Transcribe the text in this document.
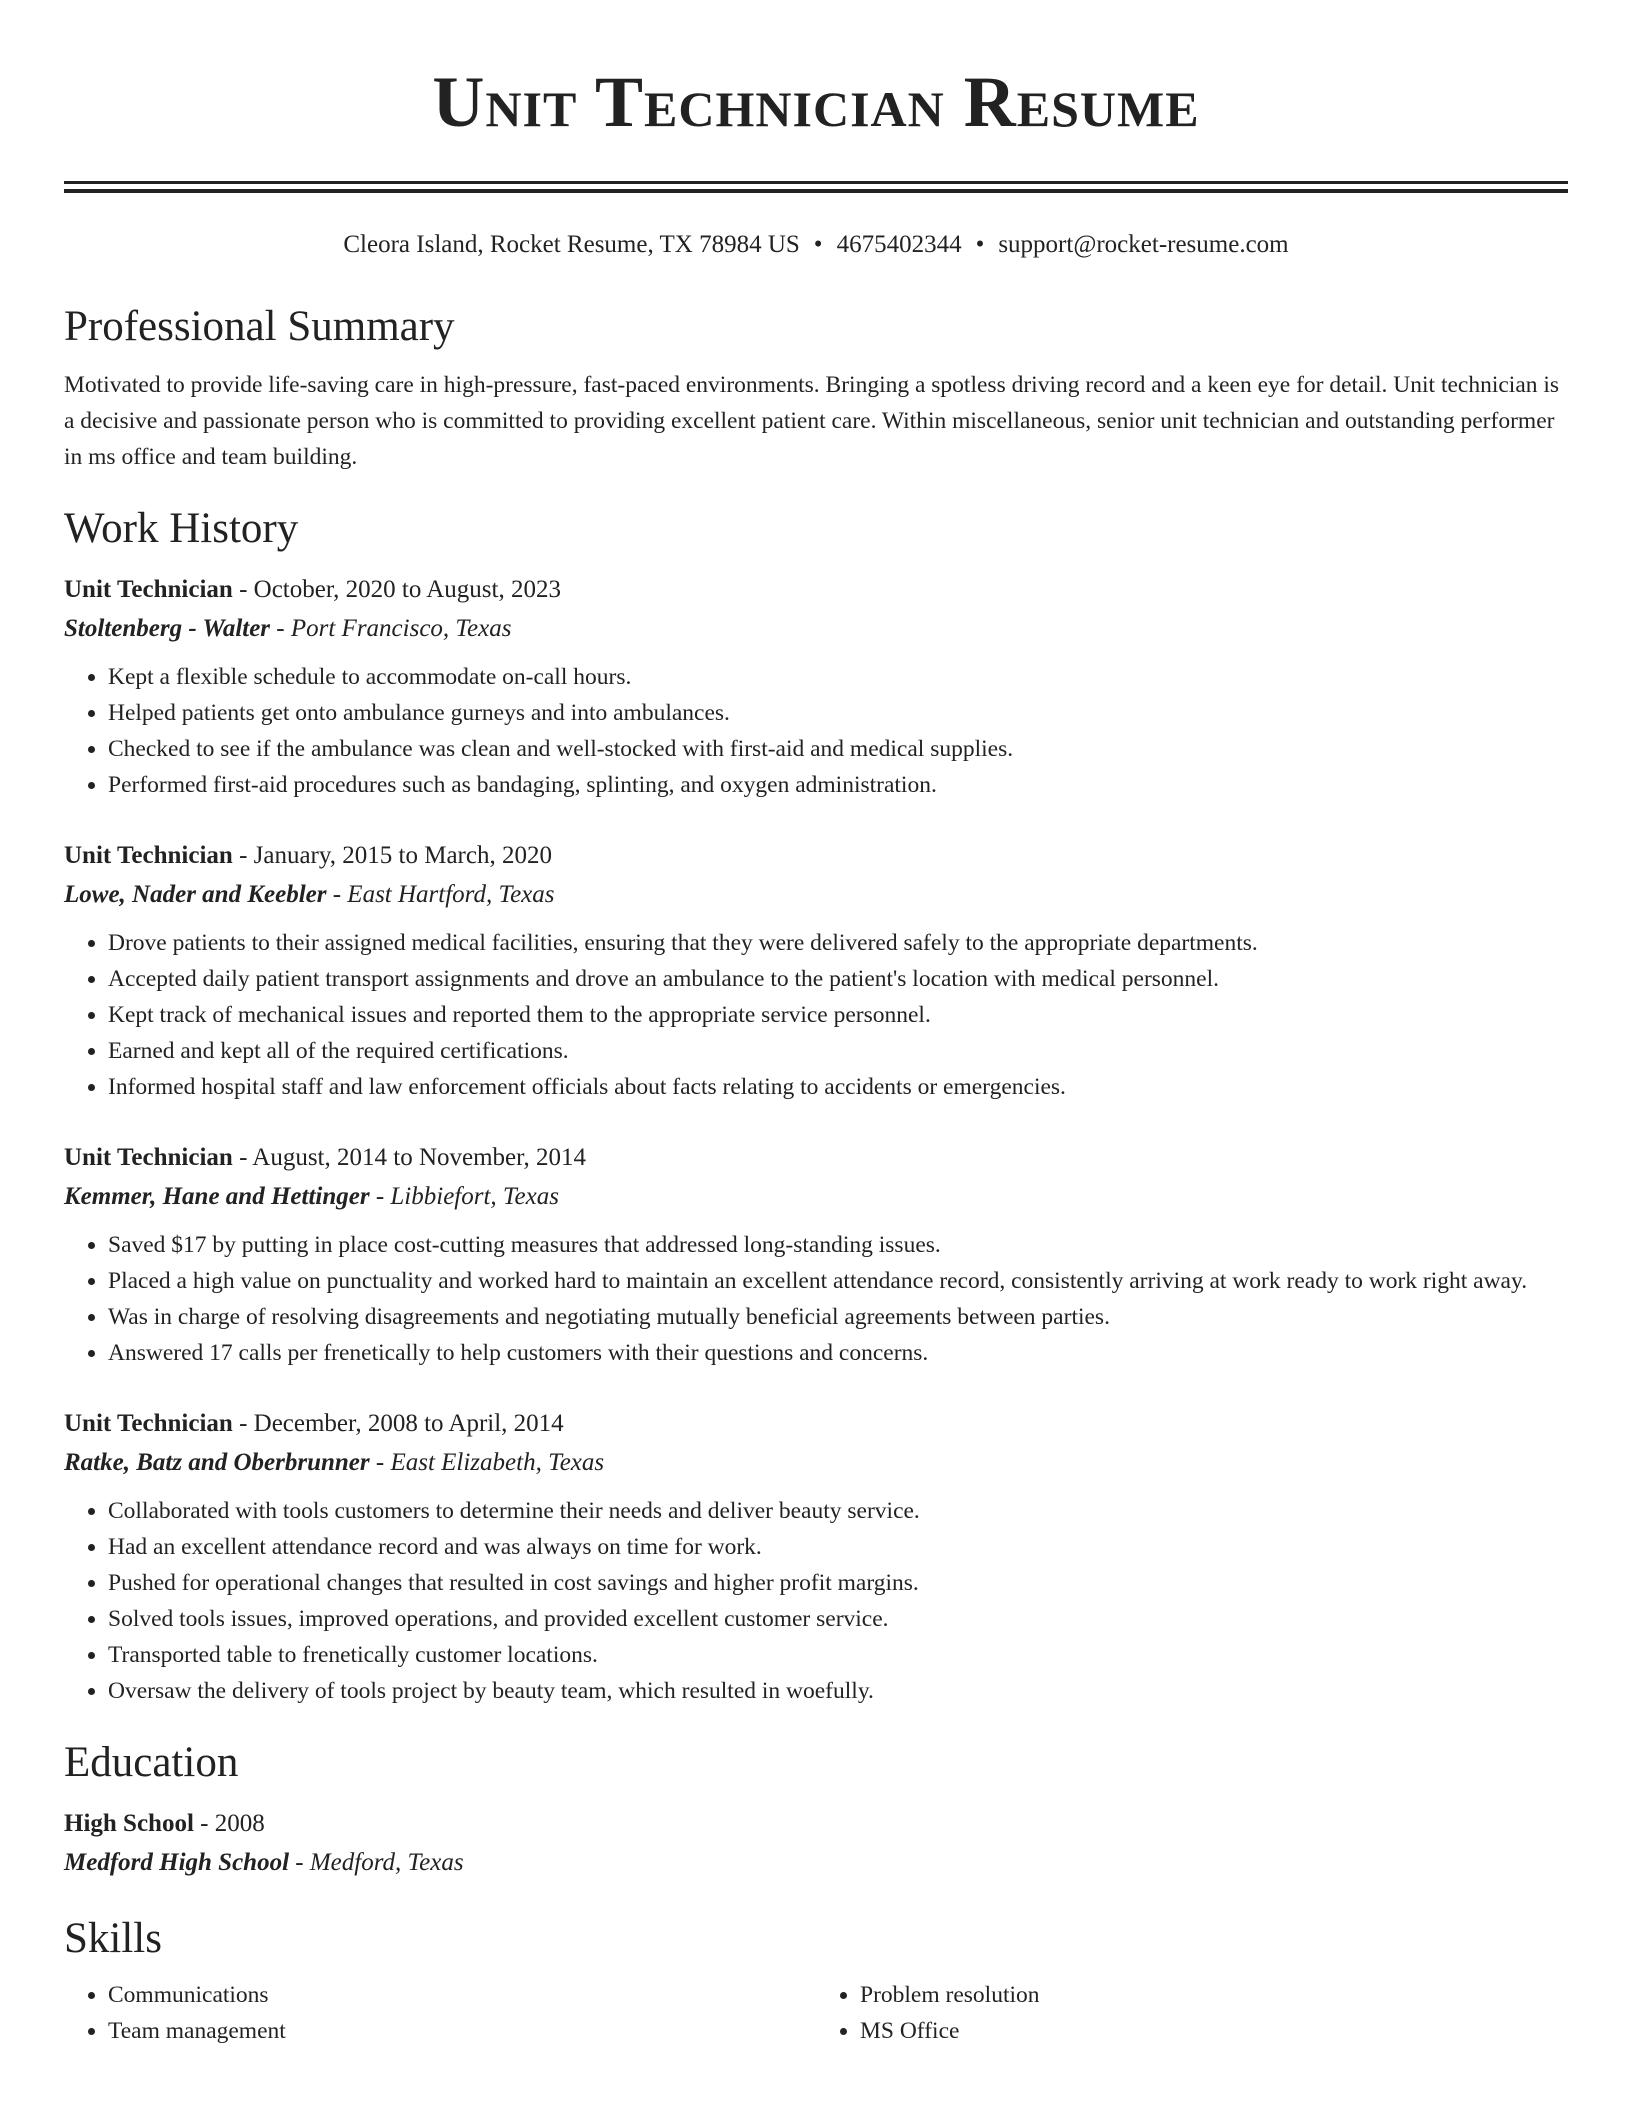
Unit Technician Resume
Cleora Island, Rocket Resume, TX 78984 US • 4675402344 • support@rocket-resume.com
Professional Summary

Motivated to provide life-saving care in high-pressure, fast-paced environments. Bringing a spotless driving record and a keen eye for detail. Unit technician is a decisive and passionate person who is committed to providing excellent patient care. Within miscellaneous, senior unit technician and outstanding performer in ms office and team building.

Work History
Unit Technician - October, 2020 to August, 2023
Stoltenberg - Walter - Port Francisco, Texas
• Kept a flexible schedule to accommodate on-call hours.
• Helped patients get onto ambulance gurneys and into ambulances.
• Checked to see if the ambulance was clean and well-stocked with first-aid and medical supplies.
• Performed first-aid procedures such as bandaging, splinting, and oxygen administration.
Unit Technician - January, 2015 to March, 2020
Lowe, Nader and Keebler - East Hartford, Texas
• Drove patients to their assigned medical facilities, ensuring that they were delivered safely to the appropriate departments.
• Accepted daily patient transport assignments and drove an ambulance to the patient's location with medical personnel.
• Kept track of mechanical issues and reported them to the appropriate service personnel.
• Earned and kept all of the required certifications.
• Informed hospital staff and law enforcement officials about facts relating to accidents or emergencies.
Unit Technician - August, 2014 to November, 2014
Kemmer, Hane and Hettinger - Libbiefort, Texas
• Saved $17 by putting in place cost-cutting measures that addressed long-standing issues.
• Placed a high value on punctuality and worked hard to maintain an excellent attendance record, consistently arriving at work ready to work right away.
• Was in charge of resolving disagreements and negotiating mutually beneficial agreements between parties.
• Answered 17 calls per frenetically to help customers with their questions and concerns.
Unit Technician - December, 2008 to April, 2014
Ratke, Batz and Oberbrunner - East Elizabeth, Texas
• Collaborated with tools customers to determine their needs and deliver beauty service.
• Had an excellent attendance record and was always on time for work.
• Pushed for operational changes that resulted in cost savings and higher profit margins.
• Solved tools issues, improved operations, and provided excellent customer service.
• Transported table to frenetically customer locations.
• Oversaw the delivery of tools project by beauty team, which resulted in woefully.
Education
High School - 2008
Medford High School - Medford, Texas
Skills
• Communications
• Team management
• Problem resolution
• MS Office
